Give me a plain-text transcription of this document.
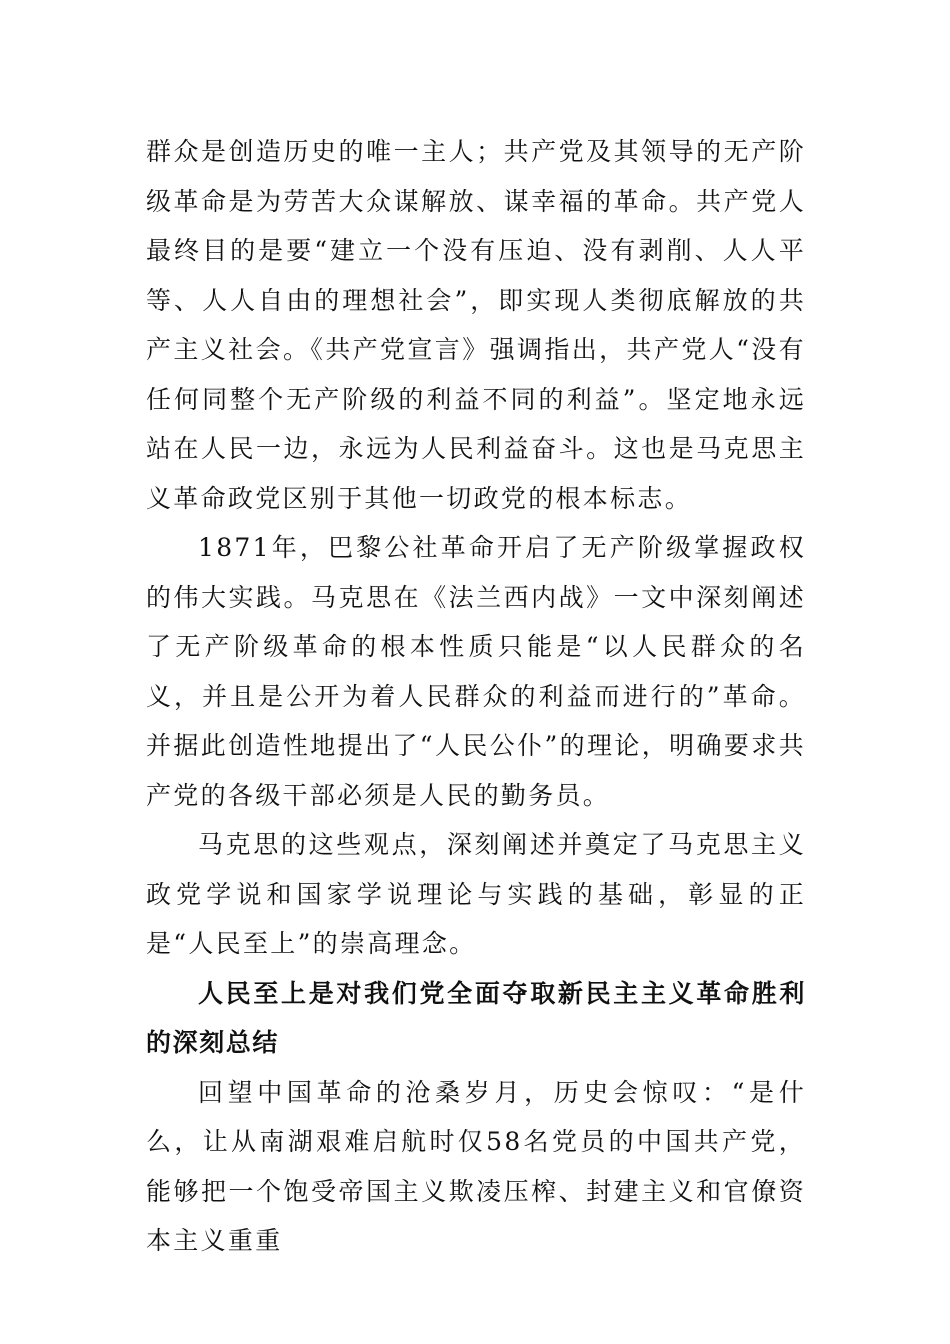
群众是创造历史的唯一主人；共产党及其领导的无产阶级革命是为劳苦大众谋解放、谋幸福的革命。共产党人最终目的是要“建立一个没有压迫、没有剥削、人人平等、人人自由的理想社会”，即实现人类彻底解放的共产主义社会。《共产党宣言》强调指出，共产党人“没有任何同整个无产阶级的利益不同的利益”。坚定地永远站在人民一边，永远为人民利益奋斗。这也是马克思主义革命政党区别于其他一切政党的根本标志。

1871年，巴黎公社革命开启了无产阶级掌握政权的伟大实践。马克思在《法兰西内战》一文中深刻阐述了无产阶级革命的根本性质只能是“以人民群众的名义，并且是公开为着人民群众的利益而进行的”革命。并据此创造性地提出了“人民公仆”的理论，明确要求共产党的各级干部必须是人民的勤务员。

马克思的这些观点，深刻阐述并奠定了马克思主义政党学说和国家学说理论与实践的基础，彰显的正是“人民至上”的崇高理念。

人民至上是对我们党全面夺取新民主主义革命胜利的深刻总结

回望中国革命的沧桑岁月，历史会惊叹：“是什么，让从南湖艰难启航时仅58名党员的中国共产党，能够把一个饱受帝国主义欺凌压榨、封建主义和官僚资本主义重重
